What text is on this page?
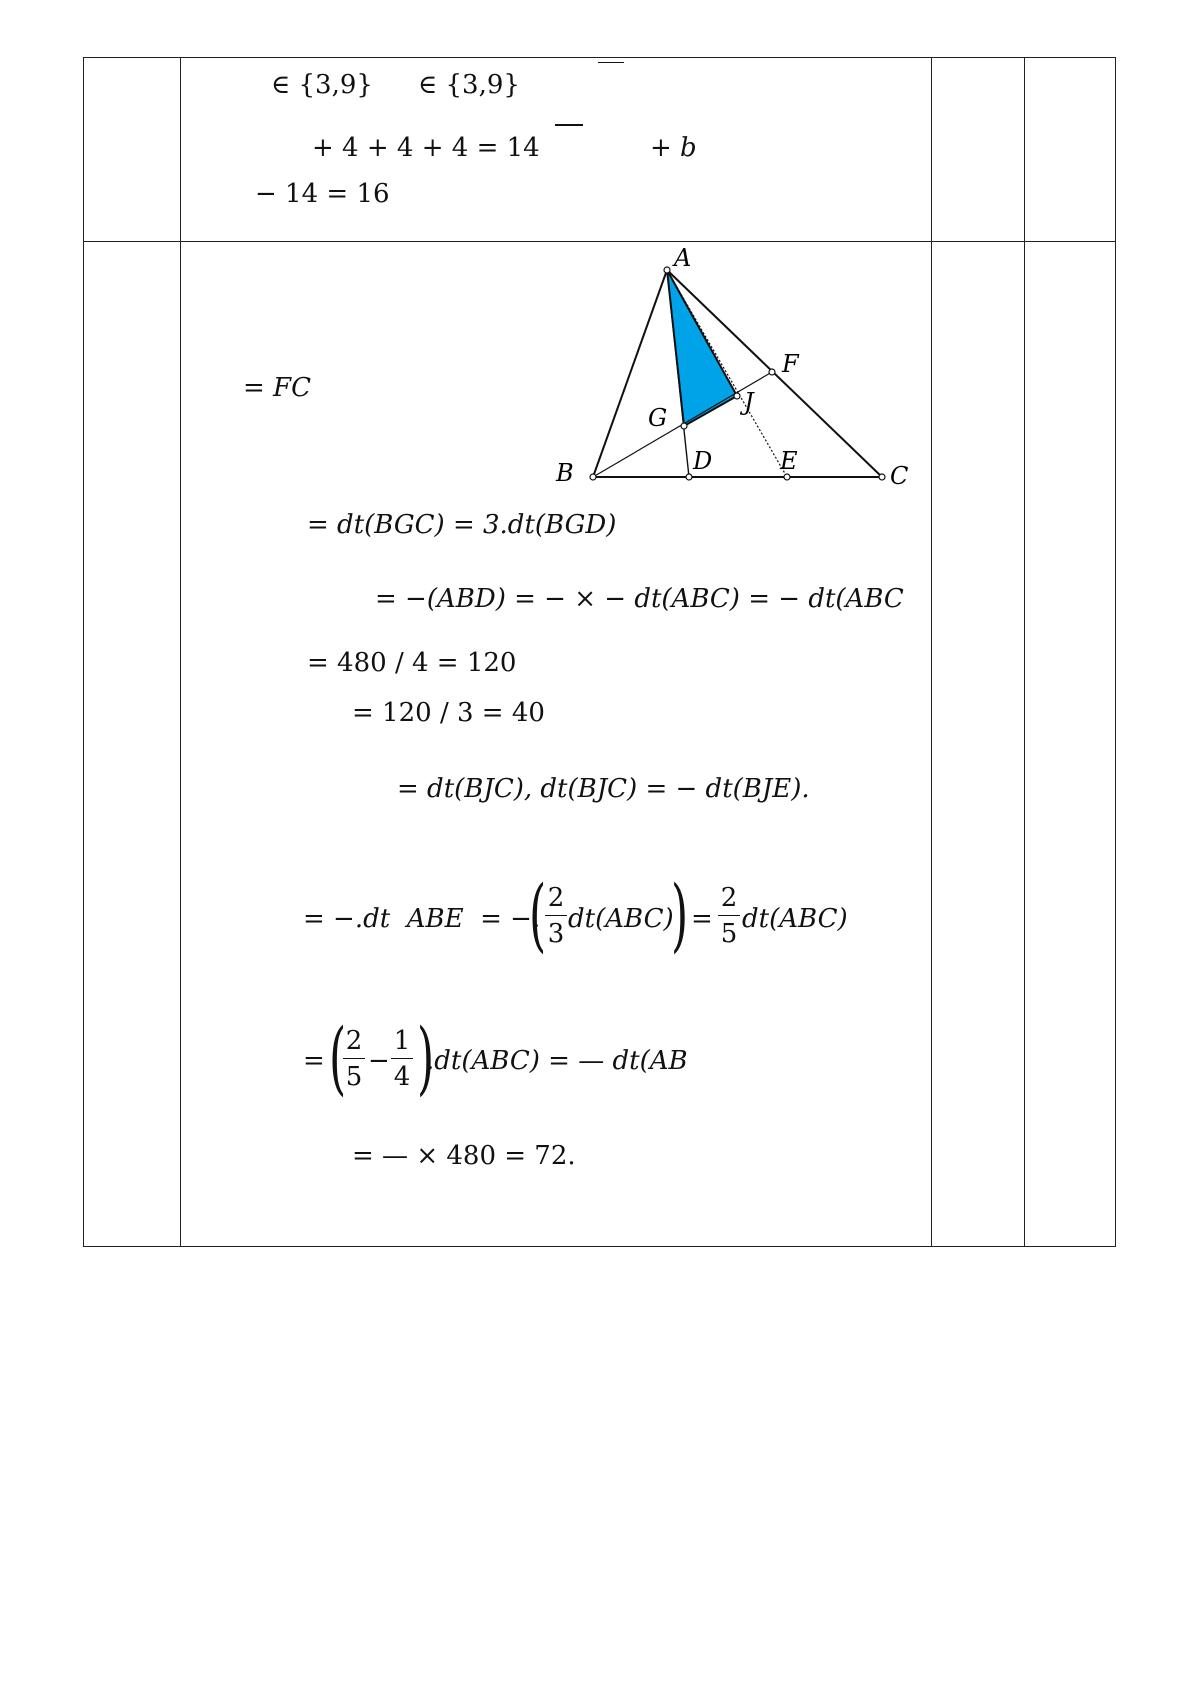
∈ {3,9} ∈ {3,9}
+ 4 + 4 + 4 = 14	+ b
− 14 = 16
= FC
A
B	C
D	E
F
G
J
= dt(BGC) = 3.dt(BGD)
= −(ABD) = − × − dt(ABC) = − dt(ABC
= 480 / 4 = 120
= 120 / 3 = 40
= dt(BJC), dt(BJC) = − dt(BJE).
= −.dt  ABE  = −.
( 2
3 dt(ABC)
) =
2
5 dt(ABC)
= ( 2
5
−
1
4 )
.dt(ABC) = — dt(AB
= — × 480 = 72.
